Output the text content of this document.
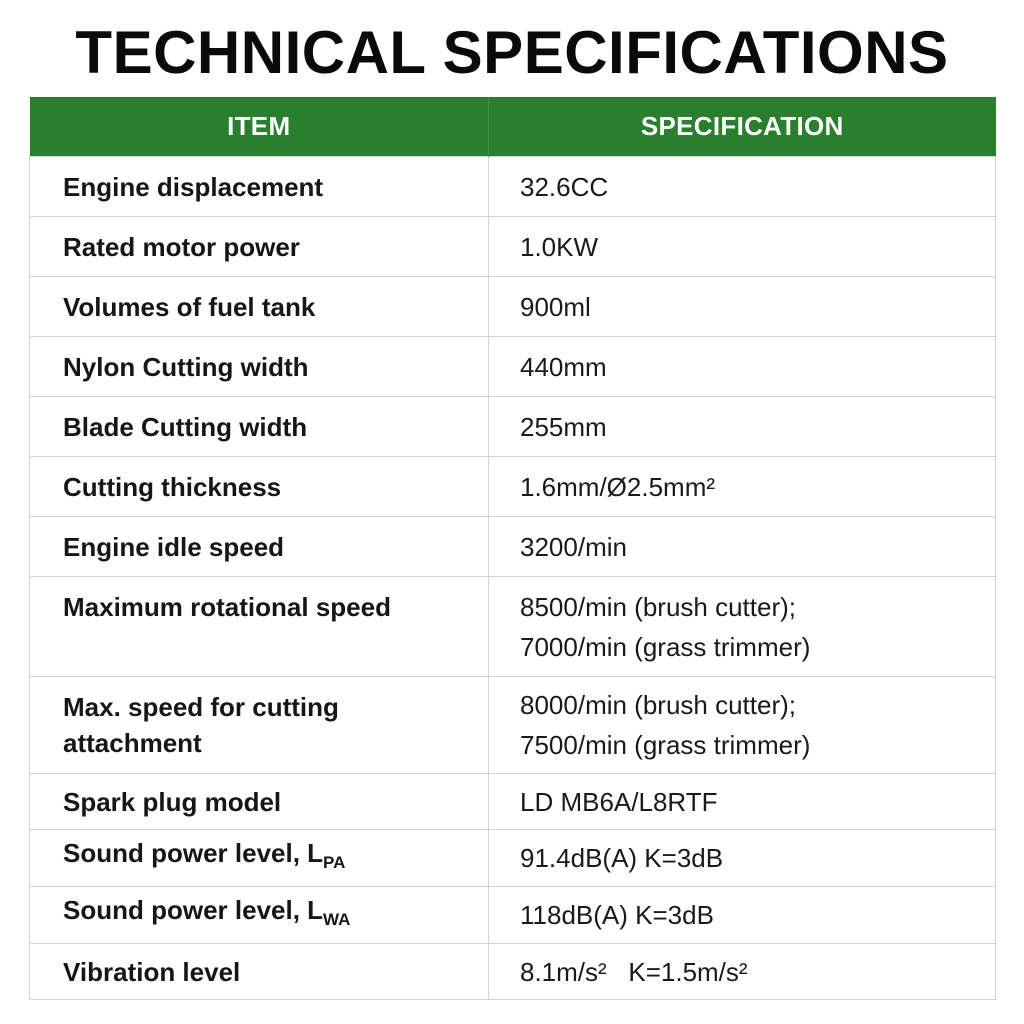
TECHNICAL SPECIFICATIONS
ITEM	SPECIFICATION

Engine displacement	32.6CC

Rated motor power	1.0KW

Volumes of fuel tank	900ml

Nylon Cutting width	440mm

Blade Cutting width	255mm

Cutting thickness	1.6mm/Ø2.5mm²

Engine idle speed	3200/min

Maximum rotational speed	8500/min (brush cutter);
7000/min (grass trimmer)

Max. speed for cutting
attachment	8000/min (brush cutter);
7500/min (grass trimmer)

Spark plug model	LD MB6A/L8RTF

Sound power level, $L_{PA}$	91.4dB(A) K=3dB

Sound power level, $L_{WA}$	118dB(A) K=3dB

Vibration level	8.1m/s²   K=1.5m/s²
